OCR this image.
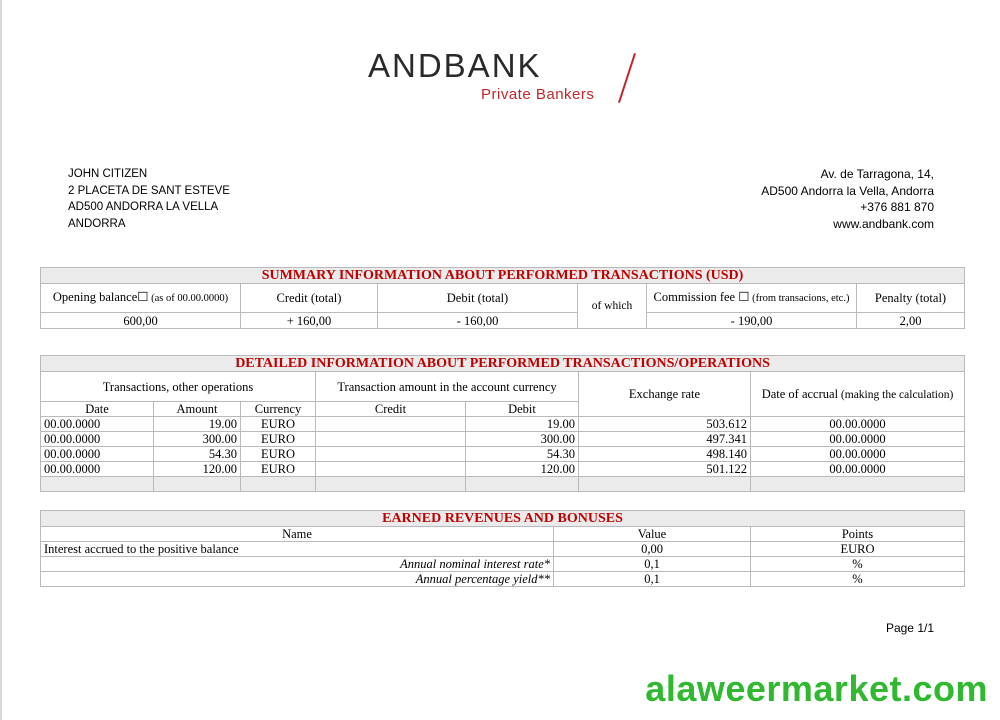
ANDBANK
Private Bankers
JOHN CITIZEN
2 PLACETA DE SANT ESTEVE
AD500 ANDORRA LA VELLA
ANDORRA
Av. de Tarragona, 14,
AD500 Andorra la Vella, Andorra
+376 881 870
www.andbank.com
SUMMARY INFORMATION ABOUT PERFORMED TRANSACTIONS (USD)					
Opening balance☐ (as of 00.00.0000)	Credit (total)	Debit (total)	of which	Commission fee ☐ (from transacions, etc.)	Penalty (total)
600,00	+ 160,00	- 160,00		- 190,00	2,00
DETAILED INFORMATION ABOUT PERFORMED TRANSACTIONS/OPERATIONS						
Transactions, other operations			Transaction amount in the account currency		Exchange rate	Date of accrual (making the calculation)
Date	Amount	Currency	Credit	Debit		
00.00.0000	19.00	EURO		19.00	503.612	00.00.0000
00.00.0000	300.00	EURO		300.00	497.341	00.00.0000
00.00.0000	54.30	EURO		54.30	498.140	00.00.0000
00.00.0000	120.00	EURO		120.00	501.122	00.00.0000

EARNED REVENUES AND BONUSES		
Name	Value	Points
Interest accrued to the positive balance	0,00	EURO
Annual nominal interest rate*	0,1	%
Annual percentage yield**	0,1	%
Page 1/1
alaweermarket.com
